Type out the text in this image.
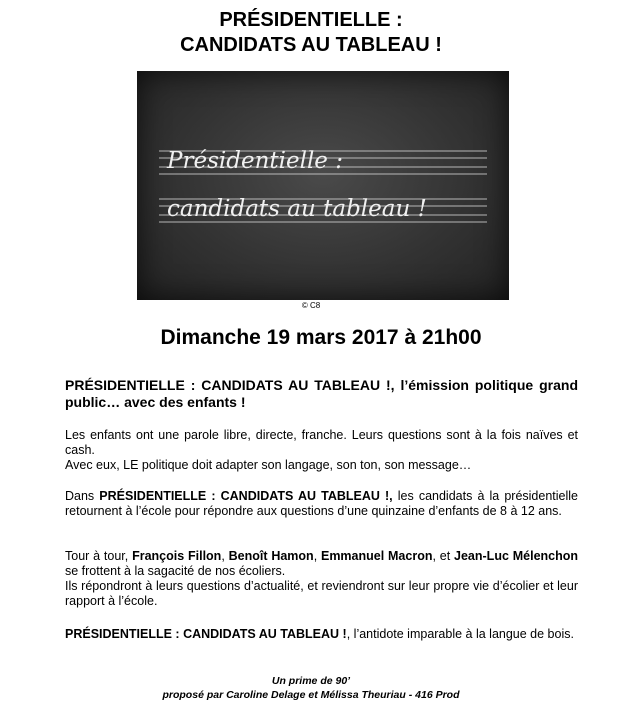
PRÉSIDENTIELLE :
CANDIDATS AU TABLEAU !
Présidentielle :
candidats au tableau !
© C8
Dimanche 19 mars 2017 à 21h00
PRÉSIDENTIELLE : CANDIDATS AU TABLEAU !, l’émission politique grand public… avec des enfants !
Les enfants ont une parole libre, directe, franche. Leurs questions sont à la fois naïves et cash.
Avec eux, LE politique doit adapter son langage, son ton, son message…
Dans PRÉSIDENTIELLE : CANDIDATS AU TABLEAU !, les candidats à la présidentielle retournent à l’école pour répondre aux questions d’une quinzaine d’enfants de 8 à 12 ans.
Tour à tour, François Fillon, Benoît Hamon, Emmanuel Macron, et Jean-Luc Mélenchon se frottent à la sagacité de nos écoliers.
Ils répondront à leurs questions d’actualité, et reviendront sur leur propre vie d’écolier et leur rapport à l’école.
PRÉSIDENTIELLE : CANDIDATS AU TABLEAU !, l’antidote imparable à la langue de bois.
Un prime de 90’
proposé par Caroline Delage et Mélissa Theuriau - 416 Prod
